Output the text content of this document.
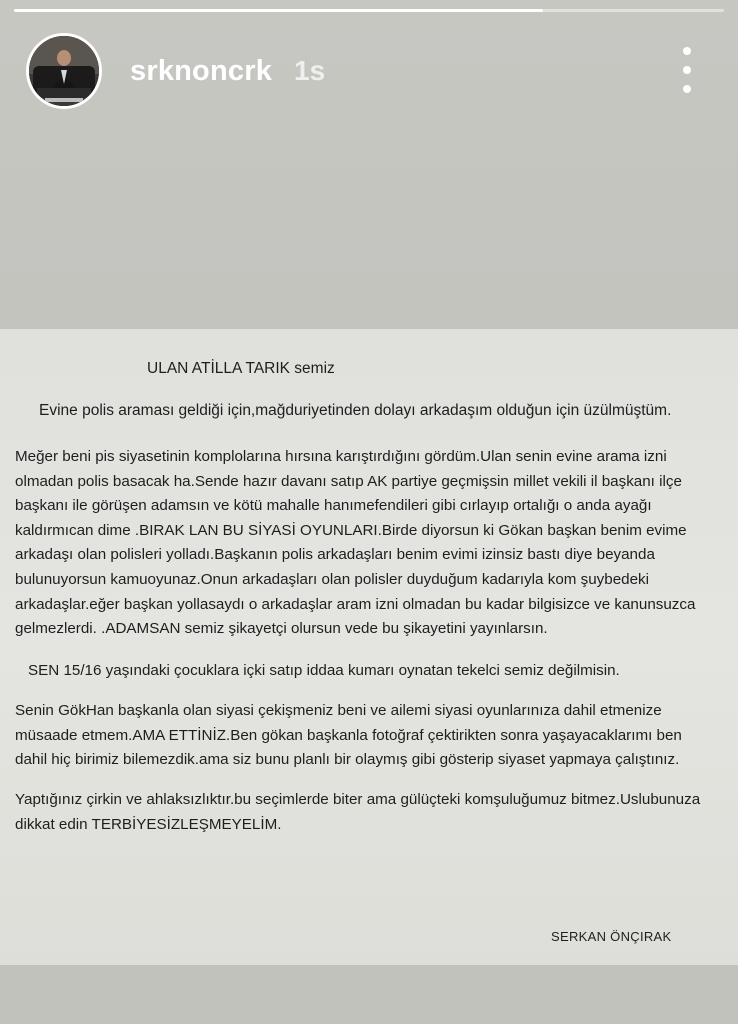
srknoncrk 1s
ULAN ATİLLA TARIK semiz
Evine polis araması geldiği için,mağduriyetinden dolayı arkadaşım olduğun için üzülmüştüm.
Meğer beni pis siyasetinin komplolarına hırsına karıştırdığını gördüm.Ulan senin evine arama izni
olmadan polis basacak ha.Sende hazır davanı satıp AK partiye geçmişsin millet vekili il başkanı ilçe
başkanı ile görüşen adamsın ve kötü mahalle hanımefendileri gibi cırlayıp ortalığı o anda ayağı
kaldırmıcan dime .BIRAK LAN BU SİYASİ OYUNLARI.Birde diyorsun ki Gökan başkan benim evime
arkadaşı olan polisleri yolladı.Başkanın polis arkadaşları benim evimi izinsiz bastı diye beyanda
bulunuyorsun kamuoyunaz.Onun arkadaşları olan polisler duyduğum kadarıyla kom şuybedeki
arkadaşlar.eğer başkan yollasaydı o arkadaşlar aram izni olmadan bu kadar bilgisizce ve kanunsuzca
gelmezlerdi. .ADAMSAN semiz şikayetçi olursun vede bu şikayetini yayınlarsın.
SEN 15/16 yaşındaki çocuklara içki satıp iddaa kumarı oynatan tekelci semiz değilmisin.
Senin GökHan başkanla olan siyasi çekişmeniz beni ve ailemi siyasi oyunlarınıza dahil etmenize
müsaade etmem.AMA ETTİNİZ.Ben gökan başkanla fotoğraf çektirikten sonra yaşayacaklarımı ben
dahil hiç birimiz bilemezdik.ama siz bunu planlı bir olaymış gibi gösterip siyaset yapmaya çalıştınız.
Yaptığınız çirkin ve ahlaksızlıktır.bu seçimlerde biter ama gülüçteki komşuluğumuz bitmez.Uslubunuza
dikkat edin TERBİYESİZLEŞMEYELİM.
SERKAN ÖNÇIRAK
